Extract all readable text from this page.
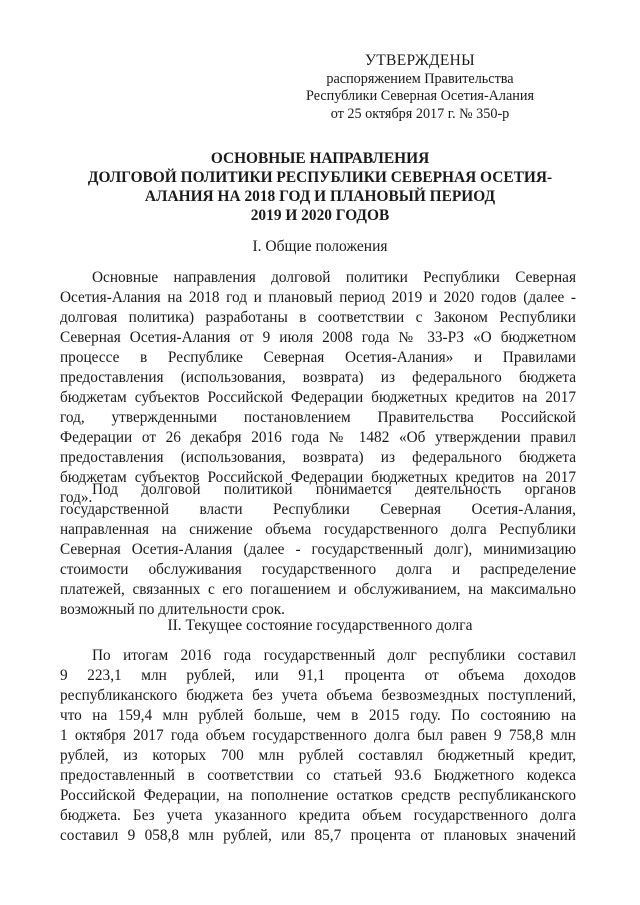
УТВЕРЖДЕНЫ
распоряжением Правительства
Республики Северная Осетия-Алания
от 25 октября 2017 г. № 350-р
ОСНОВНЫЕ НАПРАВЛЕНИЯ
ДОЛГОВОЙ ПОЛИТИКИ РЕСПУБЛИКИ СЕВЕРНАЯ ОСЕТИЯ-
АЛАНИЯ НА 2018 ГОД И ПЛАНОВЫЙ ПЕРИОД
2019 И 2020 ГОДОВ
I. Общие положения
Основные направления долговой политики Республики Северная
Осетия-Алания на 2018 год и плановый период 2019 и 2020 годов (далее -
долговая политика) разработаны в соответствии с Законом Республики
Северная Осетия-Алания от 9 июля 2008 года № 33-РЗ «О бюджетном
процессе в Республике Северная Осетия-Алания» и Правилами
предоставления (использования, возврата) из федерального бюджета
бюджетам субъектов Российской Федерации бюджетных кредитов на 2017
год, утвержденными постановлением Правительства Российской
Федерации от 26 декабря 2016 года № 1482 «Об утверждении правил
предоставления (использования, возврата) из федерального бюджета
бюджетам субъектов Российской Федерации бюджетных кредитов на 2017
год». Под долговой политикой понимается деятельность органов
государственной власти Республики Северная Осетия-Алания,
направленная на снижение объема государственного долга Республики
Северная Осетия-Алания (далее - государственный долг), минимизацию
стоимости обслуживания государственного долга и распределение
платежей, связанных с его погашением и обслуживанием, на максимально
возможный по длительности срок.
II. Текущее состояние государственного долга
По итогам 2016 года государственный долг республики составил
9 223,1 млн рублей, или 91,1 процента от объема доходов
республиканского бюджета без учета объема безвозмездных поступлений,
что на 159,4 млн рублей больше, чем в 2015 году. По состоянию на
1 октября 2017 года объем государственного долга был равен 9 758,8 млн
рублей, из которых 700 млн рублей составлял бюджетный кредит,
предоставленный в соответствии со статьей 93.6 Бюджетного кодекса
Российской Федерации, на пополнение остатков средств республиканского
бюджета. Без учета указанного кредита объем государственного долга
составил 9 058,8 млн рублей, или 85,7 процента от плановых значений
